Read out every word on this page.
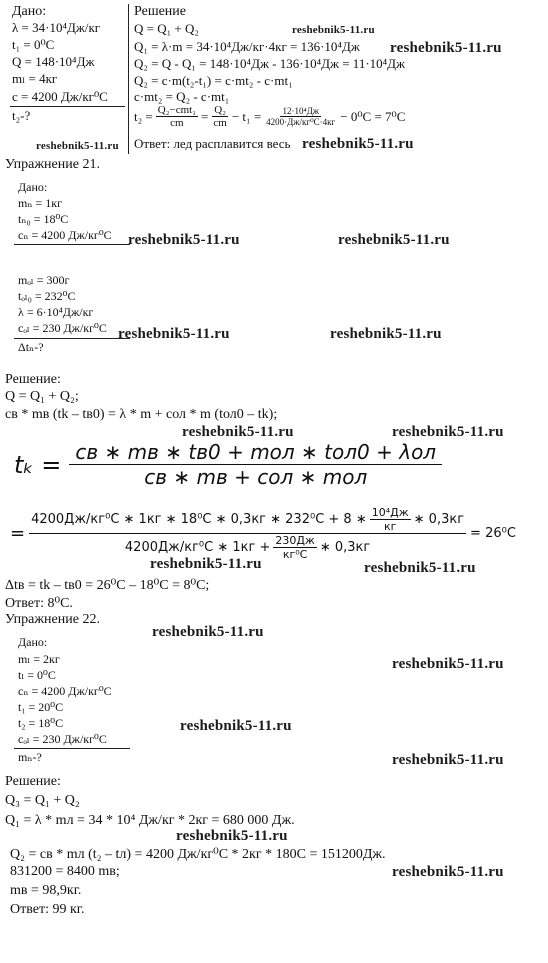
Дано:
λ = 34·10⁴Дж/кг
t₁ = 0⁰С
Q = 148·10⁴Дж
mₗ = 4кг
с = 4200 Дж/кг⁰С
t₂-?
Решение
Q = Q₁ + Q₂
Q₁ = λ·m = 34·10⁴Дж/кг·4кг = 136·10⁴Дж
Q₂ = Q - Q₁ = 148·10⁴Дж - 136·10⁴Дж = 11·10⁴Дж
Q₂ = c·m(t₂-t₁) = c·mt₂ - c·mt₁
c·mt₂ = Q₂ - c·mt₁
$t_2 = \frac{\text{Q₂−cmt₁}}{cm} = \frac{\text{Q₂}}{cm} - t_1 = \frac{\text{12·10⁴Дж}}{\text{4200·Дж/кг⁰С·4кг}} - 0^0С = 7^0С$
Ответ: лед расплавится весь
reshebnik5-11.ru
reshebnik5-11.ru
reshebnik5-11.ru	reshebnik5-11.ru
Упражнение 21.
Дано:
mₙ = 1кг
tₙ₀ = 18⁰С
cₙ = 4200 Дж/кг⁰С
mₒₗ = 300г
tₒₗ₀ = 232⁰С
λ = 6·10⁴Дж/кг
cₒₗ = 230 Дж/кг⁰С
Δtₙ-?
reshebnik5-11.ru	reshebnik5-11.ru
reshebnik5-11.ru	reshebnik5-11.ru
Решение:
Q = Q₁ + Q₂;
cв * mв (tk – tв0) = λ * m + cол * m (tол0 – tk);
reshebnik5-11.ru	reshebnik5-11.ru
$t_k = \frac{\text{cв ∗ mв ∗ tв0 + mол ∗ tол0 + λол}}{\text{cв ∗ mв + cол ∗ mол}}$
=
4200Дж/кг⁰С ∗ 1кг ∗ 18⁰С ∗ 0,3кг ∗ 232⁰С + 8 ∗ $\frac{\text{10⁴Дж}}{кг}$ ∗ 0,3кг
4200Дж/кг⁰С ∗ $1кг + \frac{230Дж}{\text{кг⁰С}}$ ∗ 0,3кг
= 26⁰С
reshebnik5-11.ru	reshebnik5-11.ru
Δtв = tk – tв0 = 26⁰С – 18⁰С = 8⁰С;
Ответ: 8⁰С.
Упражнение 22.
reshebnik5-11.ru
Дано:
mₗ = 2кг
tₗ = 0⁰С
cₙ = 4200 Дж/кг⁰С
t₁ = 20⁰С
t₂ = 18⁰С
cₒₗ = 230 Дж/кг⁰С
mₙ-?
reshebnik5-11.ru
reshebnik5-11.ru
reshebnik5-11.ru
Решение:
Q₃ = Q₁ + Q₂
Q₁ = λ * mл = 34 * 10⁴ Дж/кг * 2кг = 680 000 Дж.
reshebnik5-11.ru
Q₂ = cв * mл (t₂ – tл) = 4200 Дж/кг⁰С * 2кг * 180С = 151200Дж.
831200 = 8400 mв;	reshebnik5-11.ru
mв = 98,9кг.
Ответ: 99 кг.
